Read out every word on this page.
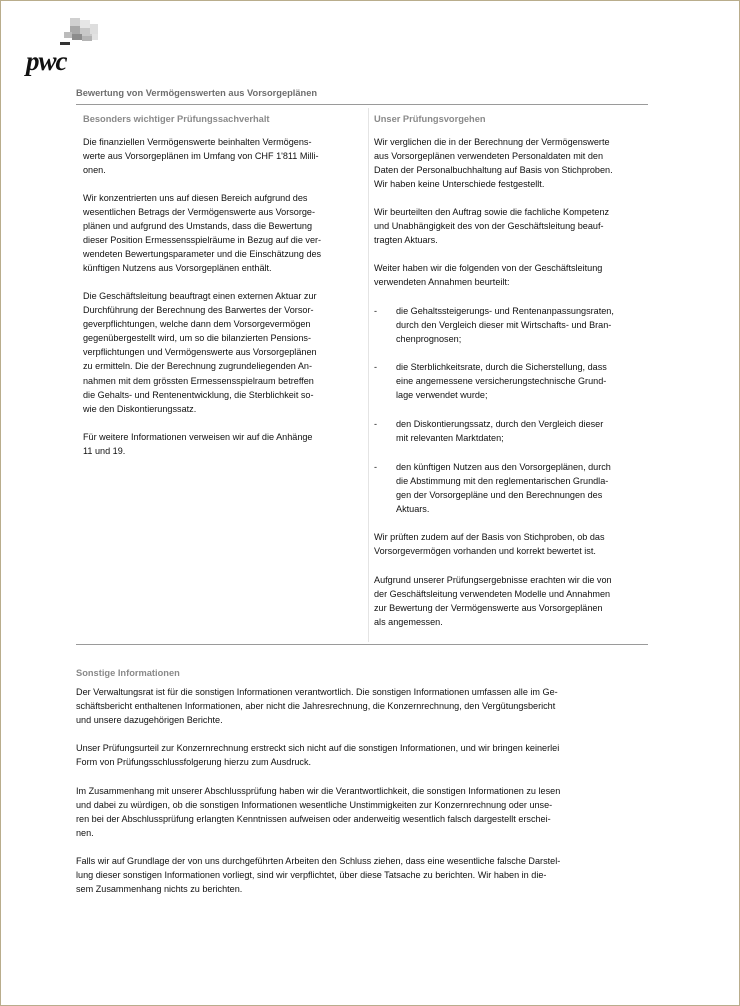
pwc
Bewertung von Vermögenswerten aus Vorsorgeplänen
Besonders wichtiger Prüfungssachverhalt	Unser Prüfungsvorgehen
Die finanziellen Vermögenswerte beinhalten Vermögens-
werte aus Vorsorgeplänen im Umfang von CHF 1'811 Milli-
onen.
Wir konzentrierten uns auf diesen Bereich aufgrund des
wesentlichen Betrags der Vermögenswerte aus Vorsorge-
plänen und aufgrund des Umstands, dass die Bewertung
dieser Position Ermessensspielräume in Bezug auf die ver-
wendeten Bewertungsparameter und die Einschätzung des
künftigen Nutzens aus Vorsorgeplänen enthält.
Die Geschäftsleitung beauftragt einen externen Aktuar zur
Durchführung der Berechnung des Barwertes der Vorsor-
geverpflichtungen, welche dann dem Vorsorgevermögen
gegenübergestellt wird, um so die bilanzierten Pensions-
verpflichtungen und Vermögenswerte aus Vorsorgeplänen
zu ermitteln. Die der Berechnung zugrundeliegenden An-
nahmen mit dem grössten Ermessensspielraum betreffen
die Gehalts- und Rentenentwicklung, die Sterblichkeit so-
wie den Diskontierungssatz.
Für weitere Informationen verweisen wir auf die Anhänge
11 und 19.
Wir verglichen die in der Berechnung der Vermögenswerte
aus Vorsorgeplänen verwendeten Personaldaten mit den
Daten der Personalbuchhaltung auf Basis von Stichproben.
Wir haben keine Unterschiede festgestellt.
Wir beurteilten den Auftrag sowie die fachliche Kompetenz
und Unabhängigkeit des von der Geschäftsleitung beauf-
tragten Aktuars.
Weiter haben wir die folgenden von der Geschäftsleitung
verwendeten Annahmen beurteilt:
- die Gehaltssteigerungs- und Rentenanpassungsraten,
durch den Vergleich dieser mit Wirtschafts- und Bran-
chenprognosen;
- die Sterblichkeitsrate, durch die Sicherstellung, dass
eine angemessene versicherungstechnische Grund-
lage verwendet wurde;
- den Diskontierungssatz, durch den Vergleich dieser
mit relevanten Marktdaten;
- den künftigen Nutzen aus den Vorsorgeplänen, durch
die Abstimmung mit den reglementarischen Grundla-
gen der Vorsorgepläne und den Berechnungen des
Aktuars.
Wir prüften zudem auf der Basis von Stichproben, ob das
Vorsorgevermögen vorhanden und korrekt bewertet ist.
Aufgrund unserer Prüfungsergebnisse erachten wir die von
der Geschäftsleitung verwendeten Modelle und Annahmen
zur Bewertung der Vermögenswerte aus Vorsorgeplänen
als angemessen.
Sonstige Informationen
Der Verwaltungsrat ist für die sonstigen Informationen verantwortlich. Die sonstigen Informationen umfassen alle im Ge-
schäftsbericht enthaltenen Informationen, aber nicht die Jahresrechnung, die Konzernrechnung, den Vergütungsbericht
und unsere dazugehörigen Berichte.
Unser Prüfungsurteil zur Konzernrechnung erstreckt sich nicht auf die sonstigen Informationen, und wir bringen keinerlei
Form von Prüfungsschlussfolgerung hierzu zum Ausdruck.
Im Zusammenhang mit unserer Abschlussprüfung haben wir die Verantwortlichkeit, die sonstigen Informationen zu lesen
und dabei zu würdigen, ob die sonstigen Informationen wesentliche Unstimmigkeiten zur Konzernrechnung oder unse-
ren bei der Abschlussprüfung erlangten Kenntnissen aufweisen oder anderweitig wesentlich falsch dargestellt erschei-
nen.
Falls wir auf Grundlage der von uns durchgeführten Arbeiten den Schluss ziehen, dass eine wesentliche falsche Darstel-
lung dieser sonstigen Informationen vorliegt, sind wir verpflichtet, über diese Tatsache zu berichten. Wir haben in die-
sem Zusammenhang nichts zu berichten.
